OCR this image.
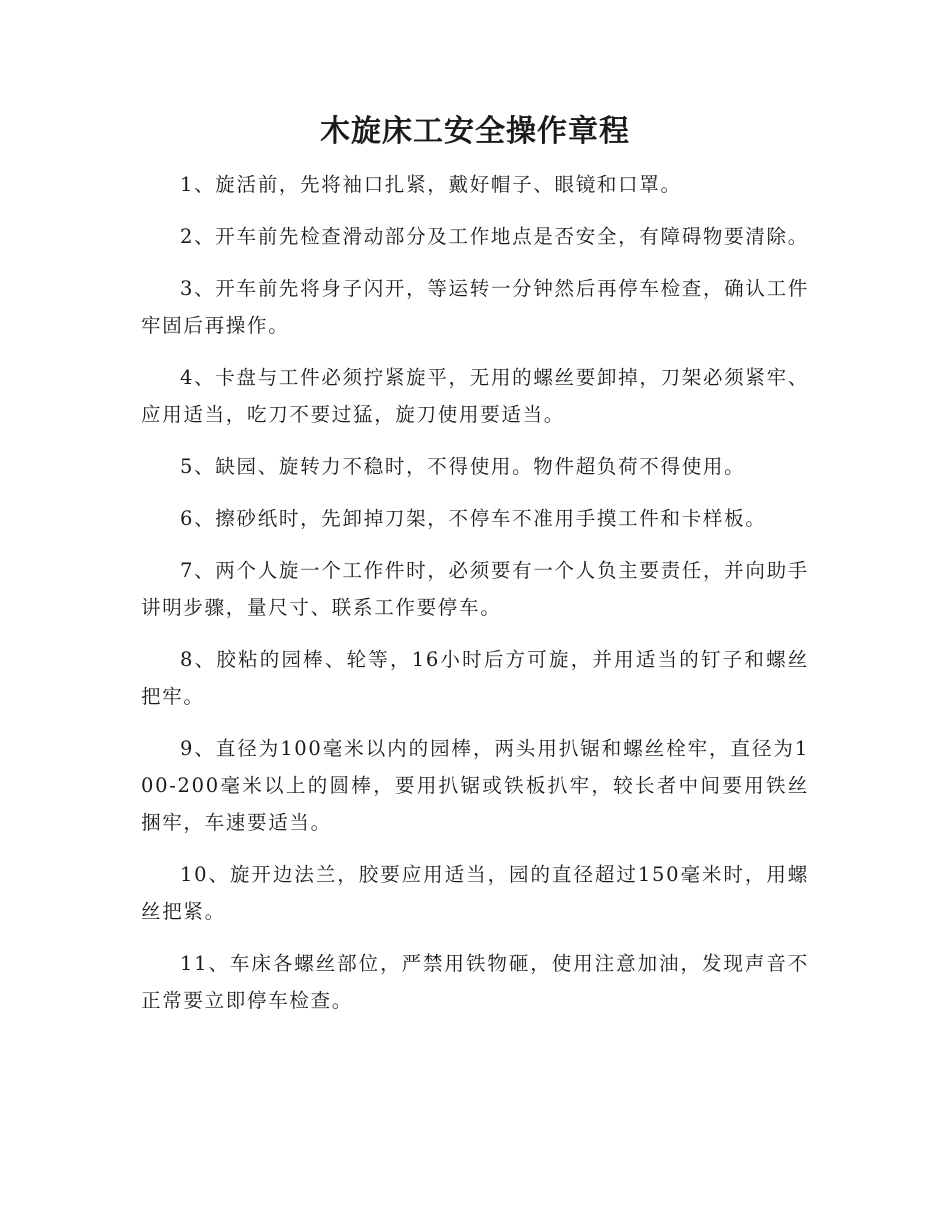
木旋床工安全操作章程

1、旋活前，先将袖口扎紧，戴好帽子、眼镜和口罩。

2、开车前先检查滑动部分及工作地点是否安全，有障碍物要清除。

3、开车前先将身子闪开，等运转一分钟然后再停车检查，确认工件牢固后再操作。

4、卡盘与工件必须拧紧旋平，无用的螺丝要卸掉，刀架必须紧牢、应用适当，吃刀不要过猛，旋刀使用要适当。

5、缺园、旋转力不稳时，不得使用。物件超负荷不得使用。

6、擦砂纸时，先卸掉刀架，不停车不准用手摸工件和卡样板。

7、两个人旋一个工作件时，必须要有一个人负主要责任，并向助手讲明步骤，量尺寸、联系工作要停车。

8、胶粘的园棒、轮等，16小时后方可旋，并用适当的钉子和螺丝把牢。

9、直径为100毫米以内的园棒，两头用扒锯和螺丝栓牢，直径为100-200毫米以上的圆棒，要用扒锯或铁板扒牢，较长者中间要用铁丝捆牢，车速要适当。

10、旋开边法兰，胶要应用适当，园的直径超过150毫米时，用螺丝把紧。

11、车床各螺丝部位，严禁用铁物砸，使用注意加油，发现声音不正常要立即停车检查。
